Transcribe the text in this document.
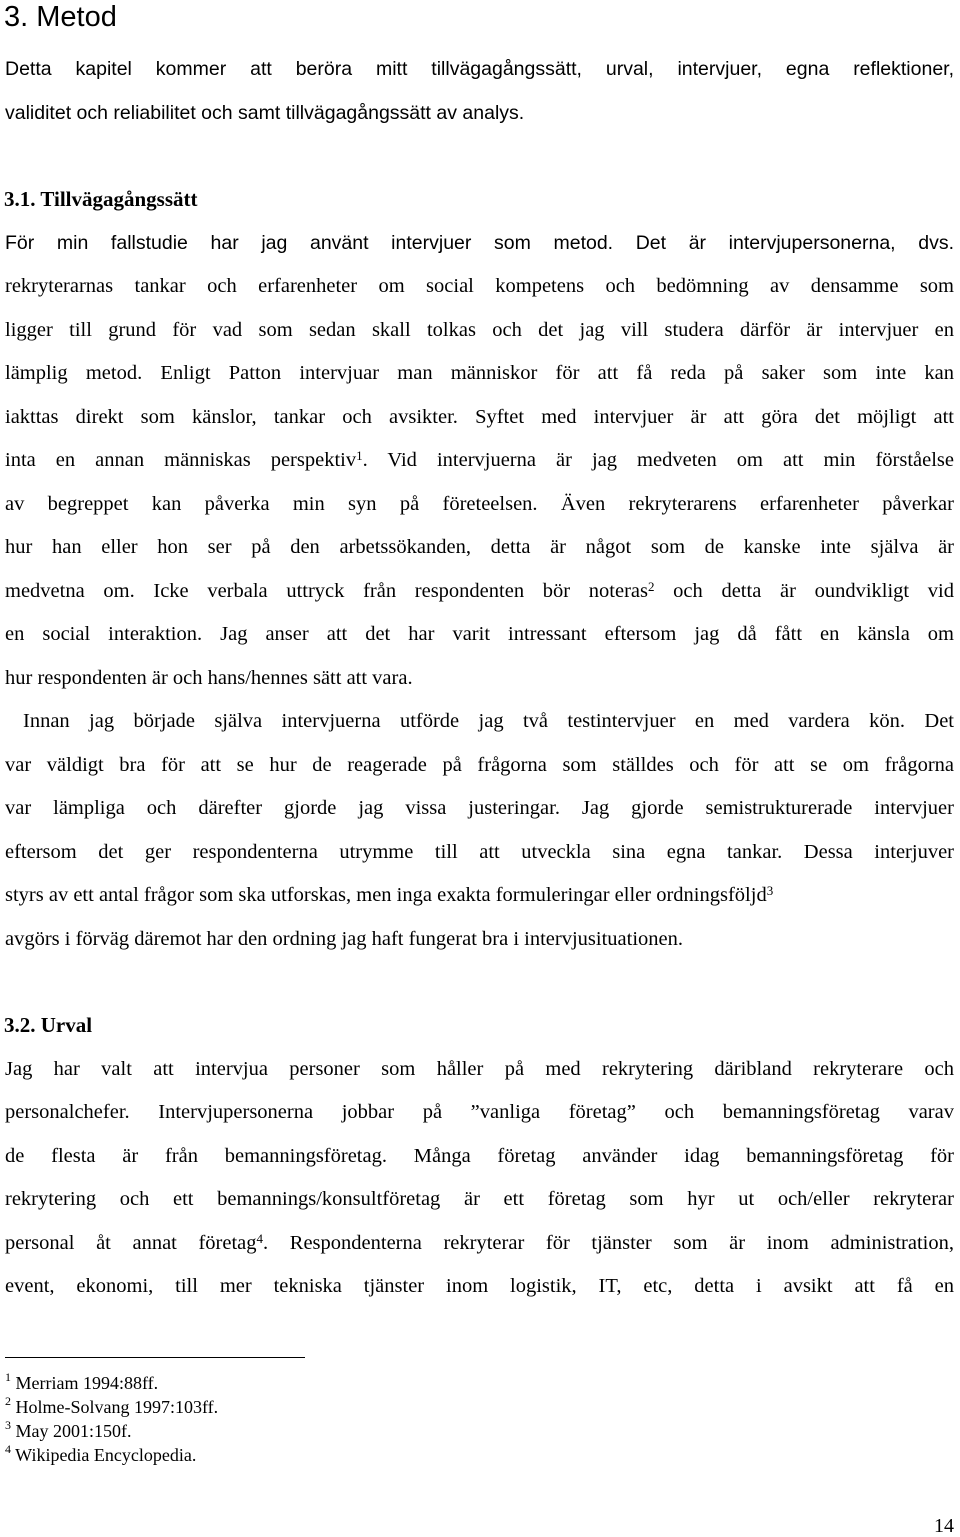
3. Metod
Detta kapitel kommer att beröra mitt tillvägagångssätt, urval, intervjuer, egna reflektioner,
validitet och reliabilitet och samt tillvägagångssätt av analys.
3.1. Tillvägagångssätt
För min fallstudie har jag använt intervjuer som metod. Det är intervjupersonerna, dvs.
rekryterarnas tankar och erfarenheter om social kompetens och bedömning av densamme som
ligger till grund för vad som sedan skall tolkas och det jag vill studera därför är intervjuer en
lämplig metod. Enligt Patton intervjuar man människor för att få reda på saker som inte kan
iakttas direkt som känslor, tankar och avsikter. Syftet med intervjuer är att göra det möjligt att
inta en annan människas perspektiv$^1$. Vid intervjuerna är jag medveten om att min förståelse
av begreppet kan påverka min syn på företeelsen. Även rekryterarens erfarenheter påverkar
hur han eller hon ser på den arbetssökanden, detta är något som de kanske inte själva är
medvetna om. Icke verbala uttryck från respondenten bör noteras$^2$ och detta är oundvikligt vid
en social interaktion. Jag anser att det har varit intressant eftersom jag då fått en känsla om
hur respondenten är och hans/hennes sätt att vara.
Innan jag började själva intervjuerna utförde jag två testintervjuer en med vardera kön. Det
var väldigt bra för att se hur de reagerade på frågorna som ställdes och för att se om frågorna
var lämpliga och därefter gjorde jag vissa justeringar. Jag gjorde semistrukturerade intervjuer
eftersom det ger respondenterna utrymme till att utveckla sina egna tankar. Dessa interjuver
styrs av ett antal frågor som ska utforskas, men inga exakta formuleringar eller ordningsföljd$^3$
avgörs i förväg däremot har den ordning jag haft fungerat bra i intervjusituationen.
3.2. Urval
Jag har valt att intervjua personer som håller på med rekrytering däribland rekryterare och
personalchefer. Intervjupersonerna jobbar på ”vanliga företag” och bemanningsföretag varav
de flesta är från bemanningsföretag. Många företag använder idag bemanningsföretag för
rekrytering och ett bemannings/konsultföretag är ett företag som hyr ut och/eller rekryterar
personal åt annat företag$^4$. Respondenterna rekryterar för tjänster som är inom administration,
event, ekonomi, till mer tekniska tjänster inom logistik, IT, etc, detta i avsikt att få en
$^1$ Merriam 1994:88ff.
$^2$ Holme-Solvang 1997:103ff.
$^3$ May 2001:150f.
$^4$ Wikipedia Encyclopedia.
14
